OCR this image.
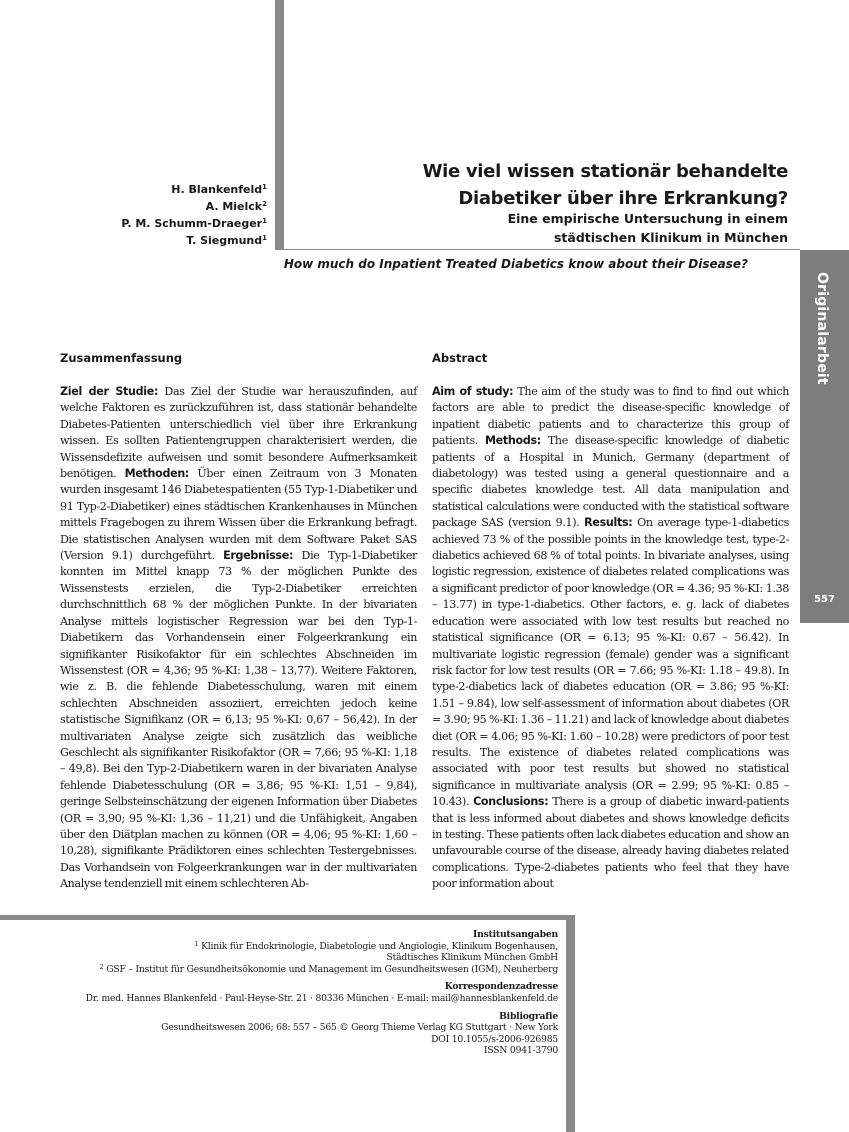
Originalarbeit
557
H. Blankenfeld$^1$
A. Mielck$^2$
P. M. Schumm-Draeger$^1$
T. Siegmund$^1$
Wie viel wissen stationär behandelte
Diabetiker über ihre Erkrankung?
Eine empirische Untersuchung in einem
städtischen Klinikum in München
How much do Inpatient Treated Diabetics know about their Disease?
Zusammenfassung

Ziel der Studie: Das Ziel der Studie war herauszufinden, auf welche Faktoren es zurückzuführen ist, dass stationär behandelte Diabetes-Patienten unterschiedlich viel über ihre Erkrankung wissen. Es sollten Patientengruppen charakterisiert werden, die Wissensdefizite aufweisen und somit besondere Aufmerksamkeit benötigen. Methoden: Über einen Zeitraum von 3 Monaten wurden insgesamt 146 Diabetespatienten (55 Typ-1-Diabetiker und 91 Typ-2-Diabetiker) eines städtischen Krankenhauses in München mittels Fragebogen zu ihrem Wissen über die Erkrankung befragt. Die statistischen Analysen wurden mit dem Software Paket SAS (Version 9.1) durchgeführt. Ergebnisse: Die Typ-1-Diabetiker konnten im Mittel knapp 73 % der möglichen Punkte des Wissenstests erzielen, die Typ-2-Diabetiker erreichten durchschnittlich 68 % der möglichen Punkte. In der bivariaten Analyse mittels logistischer Regression war bei den Typ-1-Diabetikern das Vorhandensein einer Folgeerkrankung ein signifikanter Risikofaktor für ein schlechtes Abschneiden im Wissenstest (OR = 4,36; 95 %-KI: 1,38 – 13,77). Weitere Faktoren, wie z. B. die fehlende Diabetesschulung, waren mit einem schlechten Abschneiden assoziiert, erreichten jedoch keine statistische Signifikanz (OR = 6,13; 95 %-KI: 0,67 – 56,42). In der multivariaten Analyse zeigte sich zusätzlich das weibliche Geschlecht als signifikanter Risikofaktor (OR = 7,66; 95 %-KI: 1,18 – 49,8). Bei den Typ-2-Diabetikern waren in der bivariaten Analyse fehlende Diabetesschulung (OR = 3,86; 95 %-KI: 1,51 – 9,84), geringe Selbsteinschätzung der eigenen Information über Diabetes (OR = 3,90; 95 %-KI: 1,36 – 11,21) und die Unfähigkeit, Angaben über den Diätplan machen zu können (OR = 4,06; 95 %-KI: 1,60 – 10,28), signifikante Prädiktoren eines schlechten Testergebnisses. Das Vorhandsein von Folgeerkrankungen war in der multivariaten Analyse tendenziell mit einem schlechteren Ab-

Abstract

Aim of study: The aim of the study was to find to find out which factors are able to predict the disease-specific knowledge of inpatient diabetic patients and to characterize this group of patients. Methods: The disease-specific knowledge of diabetic patients of a Hospital in Munich, Germany (department of diabetology) was tested using a general questionnaire and a specific diabetes knowledge test. All data manipulation and statistical calculations were conducted with the statistical software package SAS (version 9.1). Results: On average type-1-diabetics achieved 73 % of the possible points in the knowledge test, type-2-diabetics achieved 68 % of total points. In bivariate analyses, using logistic regression, existence of diabetes related complications was a significant predictor of poor knowledge (OR = 4.36; 95 %-KI: 1.38 – 13.77) in type-1-diabetics. Other factors, e. g. lack of diabetes education were associated with low test results but reached no statistical significance (OR = 6.13; 95 %-KI: 0.67 – 56.42). In multivariate logistic regression (female) gender was a significant risk factor for low test results (OR = 7.66; 95 %-KI: 1.18 – 49.8). In type-2-diabetics lack of diabetes education (OR = 3.86; 95 %-KI: 1.51 – 9.84), low self-assessment of information about diabetes (OR = 3.90; 95 %-KI: 1.36 – 11.21) and lack of knowledge about diabetes diet (OR = 4.06; 95 %-KI: 1.60 – 10.28) were predictors of poor test results. The existence of diabetes related complications was associated with poor test results but showed no statistical significance in multivariate analysis (OR = 2.99; 95 %-KI: 0.85 – 10.43). Conclusions: There is a group of diabetic inward-patients that is less informed about diabetes and shows knowledge deficits in testing. These patients often lack diabetes education and show an unfavourable course of the disease, already having diabetes related complications. Type-2-diabetes patients who feel that they have poor information about

Institutsangaben
$^1$ Klinik für Endokrinologie, Diabetologie und Angiologie, Klinikum Bogenhausen,
Städtisches Klinikum München GmbH
$^2$ GSF – Institut für Gesundheitsökonomie und Management im Gesundheitswesen (IGM), Neuherberg
Korrespondenzadresse
Dr. med. Hannes Blankenfeld · Paul-Heyse-Str. 21 · 80336 München · E-mail: mail@hannesblankenfeld.de
Bibliografie
Gesundheitswesen 2006; 68: 557 – 565 © Georg Thieme Verlag KG Stuttgart · New York
DOI 10.1055/s-2006-926985
ISSN 0941-3790
